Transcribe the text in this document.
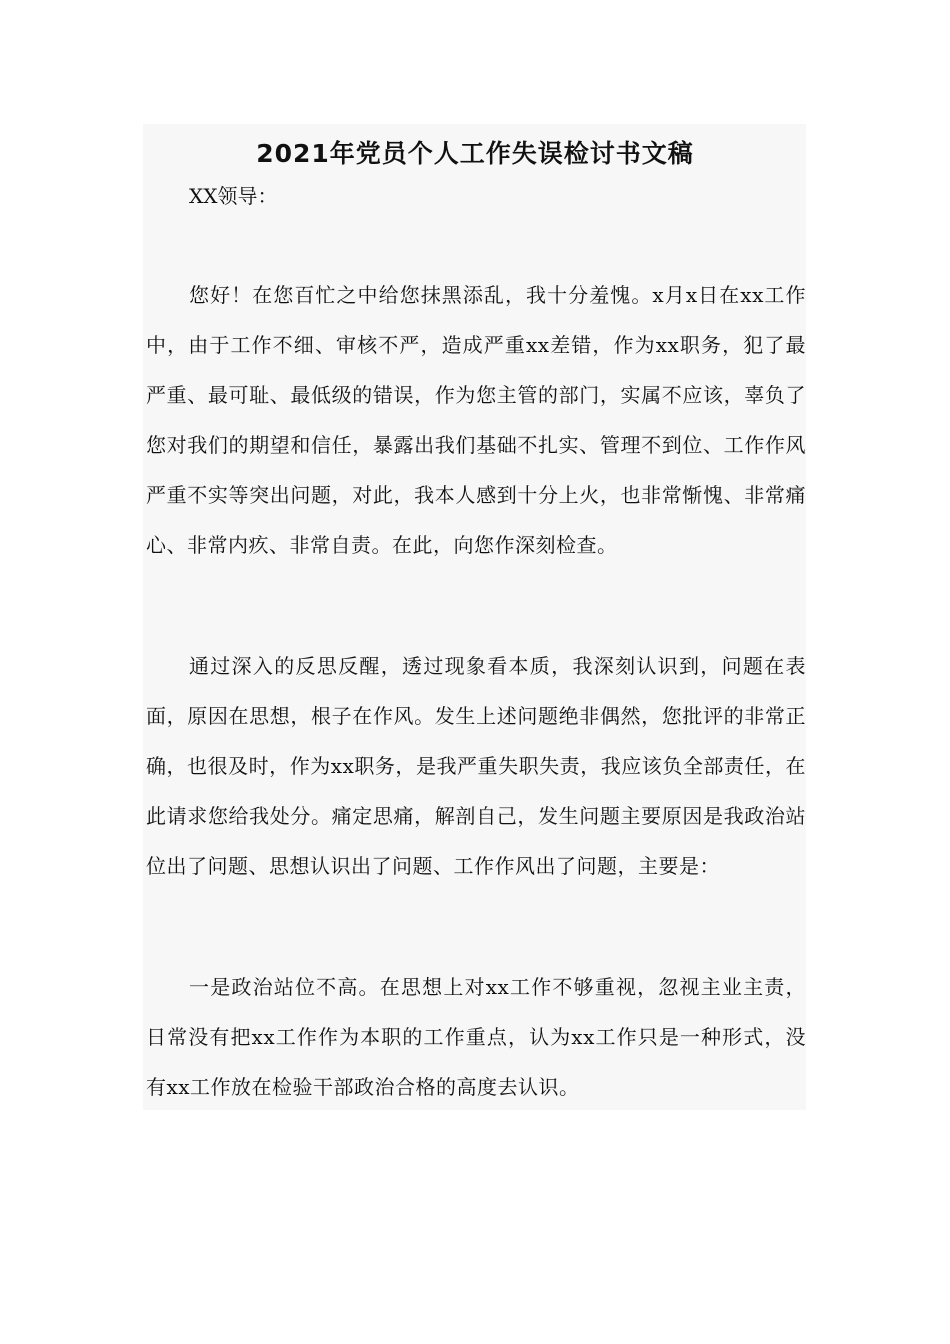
2021年党员个人工作失误检讨书文稿

XX领导：

您好！在您百忙之中给您抹黑添乱，我十分羞愧。x月x日在xx工作中，由于工作不细、审核不严，造成严重xx差错，作为xx职务，犯了最严重、最可耻、最低级的错误，作为您主管的部门，实属不应该，辜负了您对我们的期望和信任，暴露出我们基础不扎实、管理不到位、工作作风严重不实等突出问题，对此，我本人感到十分上火，也非常惭愧、非常痛心、非常内疚、非常自责。在此，向您作深刻检查。

通过深入的反思反醒，透过现象看本质，我深刻认识到，问题在表面，原因在思想，根子在作风。发生上述问题绝非偶然，您批评的非常正确，也很及时，作为xx职务，是我严重失职失责，我应该负全部责任，在此请求您给我处分。痛定思痛，解剖自己，发生问题主要原因是我政治站位出了问题、思想认识出了问题、工作作风出了问题，主要是：

一是政治站位不高。在思想上对xx工作不够重视，忽视主业主责，日常没有把xx工作作为本职的工作重点，认为xx工作只是一种形式，没有xx工作放在检验干部政治合格的高度去认识。
